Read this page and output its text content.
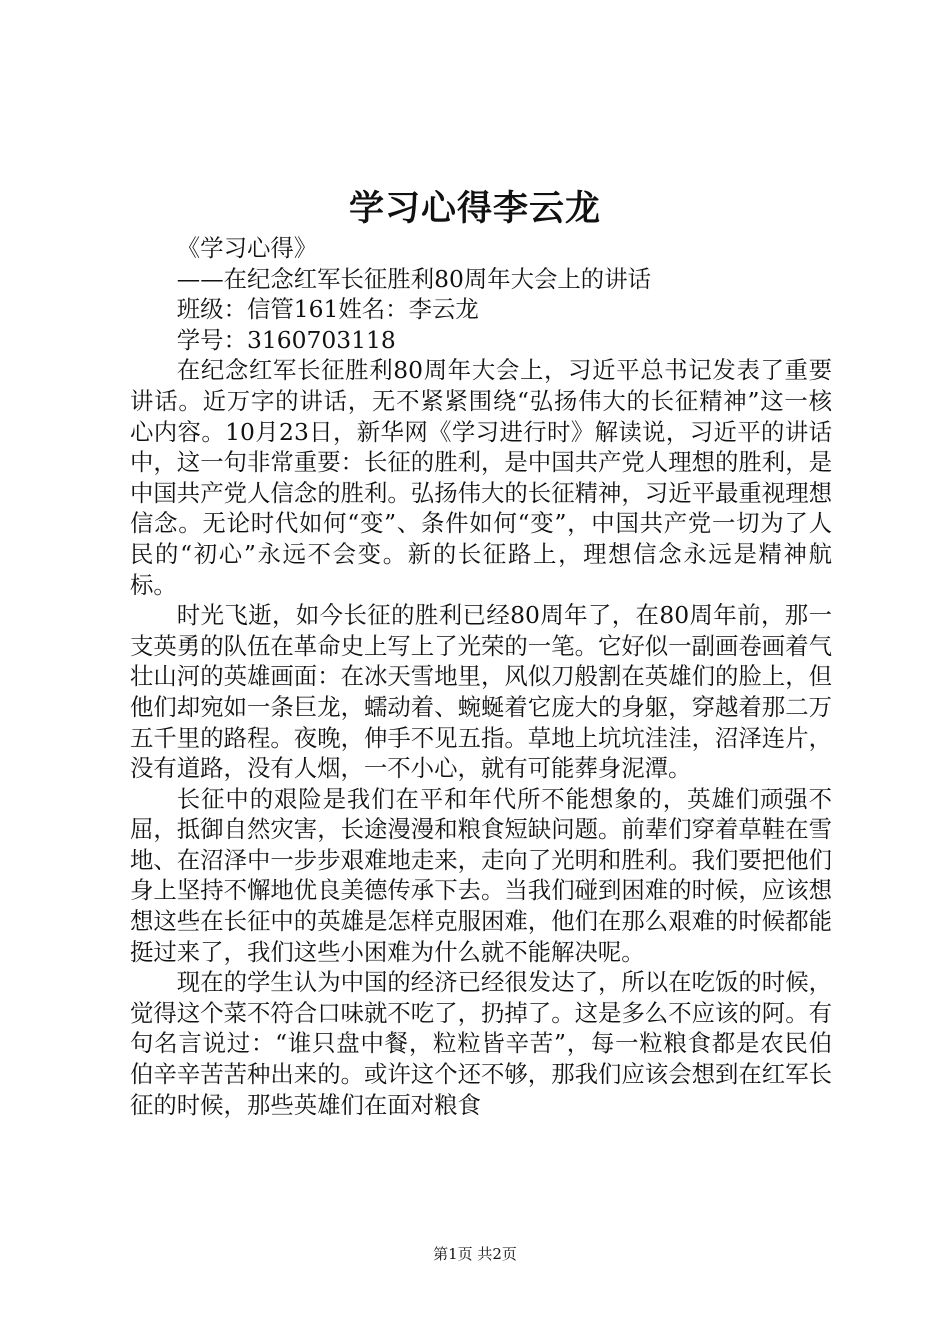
学习心得李云龙

《学习心得》

——在纪念红军长征胜利80周年大会上的讲话

班级：信管161姓名：李云龙

学号：3160703118

在纪念红军长征胜利80周年大会上，习近平总书记发表了重要讲话。近万字的讲话，无不紧紧围绕“弘扬伟大的长征精神”这一核心内容。10月23日，新华网《学习进行时》解读说，习近平的讲话中，这一句非常重要：长征的胜利，是中国共产党人理想的胜利，是中国共产党人信念的胜利。弘扬伟大的长征精神，习近平最重视理想信念。无论时代如何“变”、条件如何“变”，中国共产党一切为了人民的“初心”永远不会变。新的长征路上，理想信念永远是精神航标。

时光飞逝，如今长征的胜利已经80周年了，在80周年前，那一支英勇的队伍在革命史上写上了光荣的一笔。它好似一副画卷画着气壮山河的英雄画面：在冰天雪地里，风似刀般割在英雄们的脸上，但他们却宛如一条巨龙，蠕动着、蜿蜒着它庞大的身躯，穿越着那二万五千里的路程。夜晚，伸手不见五指。草地上坑坑洼洼，沼泽连片，没有道路，没有人烟，一不小心，就有可能葬身泥潭。

长征中的艰险是我们在平和年代所不能想象的，英雄们顽强不屈，抵御自然灾害，长途漫漫和粮食短缺问题。前辈们穿着草鞋在雪地、在沼泽中一步步艰难地走来，走向了光明和胜利。我们要把他们身上坚持不懈地优良美德传承下去。当我们碰到困难的时候，应该想想这些在长征中的英雄是怎样克服困难，他们在那么艰难的时候都能挺过来了，我们这些小困难为什么就不能解决呢。

现在的学生认为中国的经济已经很发达了，所以在吃饭的时候，觉得这个菜不符合口味就不吃了，扔掉了。这是多么不应该的阿。有句名言说过：“谁只盘中餐，粒粒皆辛苦”，每一粒粮食都是农民伯伯辛辛苦苦种出来的。或许这个还不够，那我们应该会想到在红军长征的时候，那些英雄们在面对粮食

第1页 共2页
